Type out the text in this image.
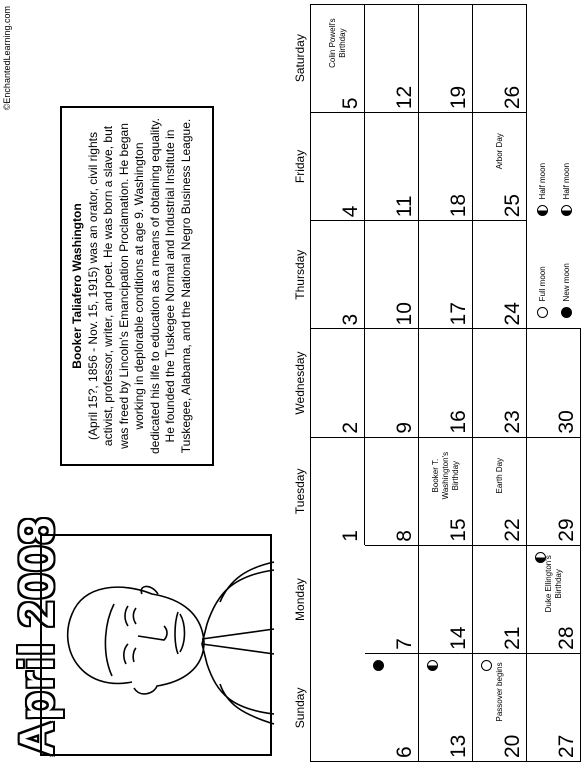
©EnchantedLearning.com
April 2008
Booker Taliafero Washington (April 15?, 1856 - Nov. 15, 1915) was an orator, civil rights activist, professor, writer, and poet. He was born a slave, but was freed by Lincoln's Emancipation Proclamation. He began working in deplorable conditions at age 9. Washington dedicated his life to education as a means of obtaining equality. He founded the Tuskegee Normal and Industrial Institute in Tuskegee, Alabama, and the National Negro Business League.
Sunday
Monday
Tuesday
Wednesday
Thursday
Friday
Saturday
1
2
3
4
5
Colin Powell's Birthday
6
7
8
9
10
11
12
13
14
15
Booker T. Washington's Birthday
16
17
18
19
20
Passover begins
21
22
Earth Day
23
24
25
Arbor Day
26
27
28
Duke Ellington's Birthday
29
30
Full moon New moon
Half moon Half moon
